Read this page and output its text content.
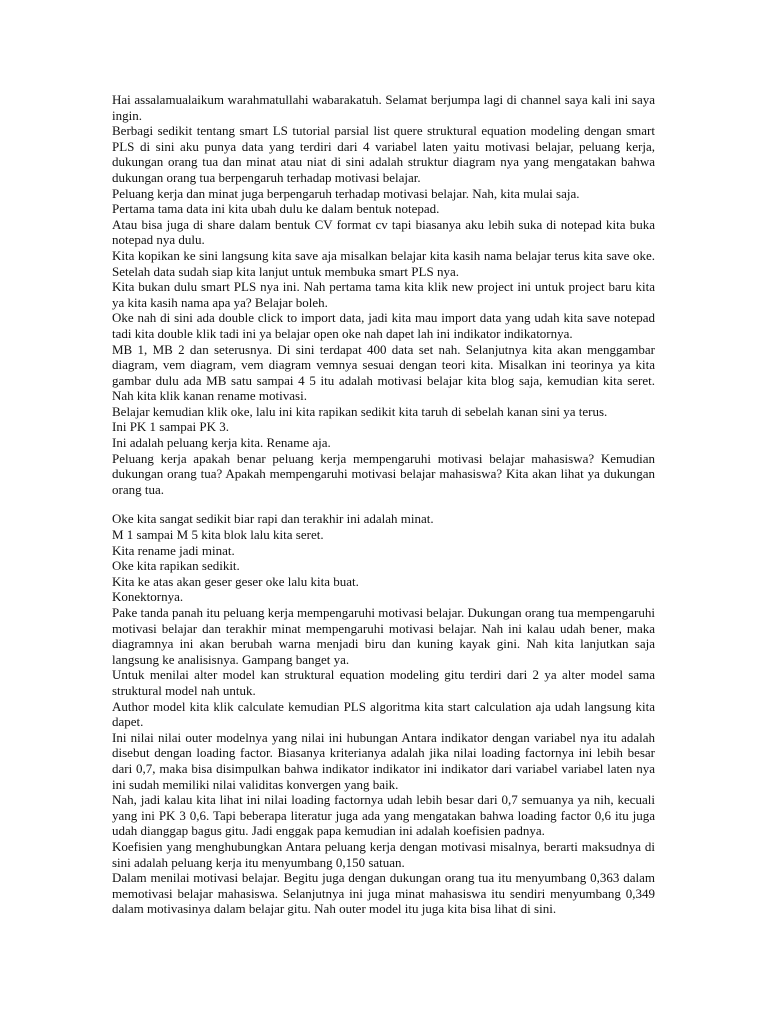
Hai assalamualaikum warahmatullahi wabarakatuh. Selamat berjumpa lagi di channel saya kali ini saya ingin.

Berbagi sedikit tentang smart LS tutorial parsial list quere struktural equation modeling dengan smart PLS di sini aku punya data yang terdiri dari 4 variabel laten yaitu motivasi belajar, peluang kerja, dukungan orang tua dan minat atau niat di sini adalah struktur diagram nya yang mengatakan bahwa dukungan orang tua berpengaruh terhadap motivasi belajar.

Peluang kerja dan minat juga berpengaruh terhadap motivasi belajar. Nah, kita mulai saja.

Pertama tama data ini kita ubah dulu ke dalam bentuk notepad.

Atau bisa juga di share dalam bentuk CV format cv tapi biasanya aku lebih suka di notepad kita buka notepad nya dulu.

Kita kopikan ke sini langsung kita save aja misalkan belajar kita kasih nama belajar terus kita save oke. Setelah data sudah siap kita lanjut untuk membuka smart PLS nya.

Kita bukan dulu smart PLS nya ini. Nah pertama tama kita klik new project ini untuk project baru kita ya kita kasih nama apa ya? Belajar boleh.

Oke nah di sini ada double click to import data, jadi kita mau import data yang udah kita save notepad tadi kita double klik tadi ini ya belajar open oke nah dapet lah ini indikator indikatornya.

MB 1, MB 2 dan seterusnya. Di sini terdapat 400 data set nah. Selanjutnya kita akan menggambar diagram, vem diagram, vem diagram vemnya sesuai dengan teori kita. Misalkan ini teorinya ya kita gambar dulu ada MB satu sampai 4 5 itu adalah motivasi belajar kita blog saja, kemudian kita seret. Nah kita klik kanan rename motivasi.

Belajar kemudian klik oke, lalu ini kita rapikan sedikit kita taruh di sebelah kanan sini ya terus.

Ini PK 1 sampai PK 3.

Ini adalah peluang kerja kita. Rename aja.

Peluang kerja apakah benar peluang kerja mempengaruhi motivasi belajar mahasiswa? Kemudian dukungan orang tua? Apakah mempengaruhi motivasi belajar mahasiswa? Kita akan lihat ya dukungan orang tua.

Oke kita sangat sedikit biar rapi dan terakhir ini adalah minat.

M 1 sampai M 5 kita blok lalu kita seret.

Kita rename jadi minat.

Oke kita rapikan sedikit.

Kita ke atas akan geser geser oke lalu kita buat.

Konektornya.

Pake tanda panah itu peluang kerja mempengaruhi motivasi belajar. Dukungan orang tua mempengaruhi motivasi belajar dan terakhir minat mempengaruhi motivasi belajar. Nah ini kalau udah bener, maka diagramnya ini akan berubah warna menjadi biru dan kuning kayak gini. Nah kita lanjutkan saja langsung ke analisisnya. Gampang banget ya.

Untuk menilai alter model kan struktural equation modeling gitu terdiri dari 2 ya alter model sama struktural model nah untuk.

Author model kita klik calculate kemudian PLS algoritma kita start calculation aja udah langsung kita dapet.

Ini nilai nilai outer modelnya yang nilai ini hubungan Antara indikator dengan variabel nya itu adalah disebut dengan loading factor. Biasanya kriterianya adalah jika nilai loading factornya ini lebih besar dari 0,7, maka bisa disimpulkan bahwa indikator indikator ini indikator dari variabel variabel laten nya ini sudah memiliki nilai validitas konvergen yang baik.

Nah, jadi kalau kita lihat ini nilai loading factornya udah lebih besar dari 0,7 semuanya ya nih, kecuali yang ini PK 3 0,6. Tapi beberapa literatur juga ada yang mengatakan bahwa loading factor 0,6 itu juga udah dianggap bagus gitu. Jadi enggak papa kemudian ini adalah koefisien padnya.

Koefisien yang menghubungkan Antara peluang kerja dengan motivasi misalnya, berarti maksudnya di sini adalah peluang kerja itu menyumbang 0,150 satuan.

Dalam menilai motivasi belajar. Begitu juga dengan dukungan orang tua itu menyumbang 0,363 dalam memotivasi belajar mahasiswa. Selanjutnya ini juga minat mahasiswa itu sendiri menyumbang 0,349 dalam motivasinya dalam belajar gitu. Nah outer model itu juga kita bisa lihat di sini.
